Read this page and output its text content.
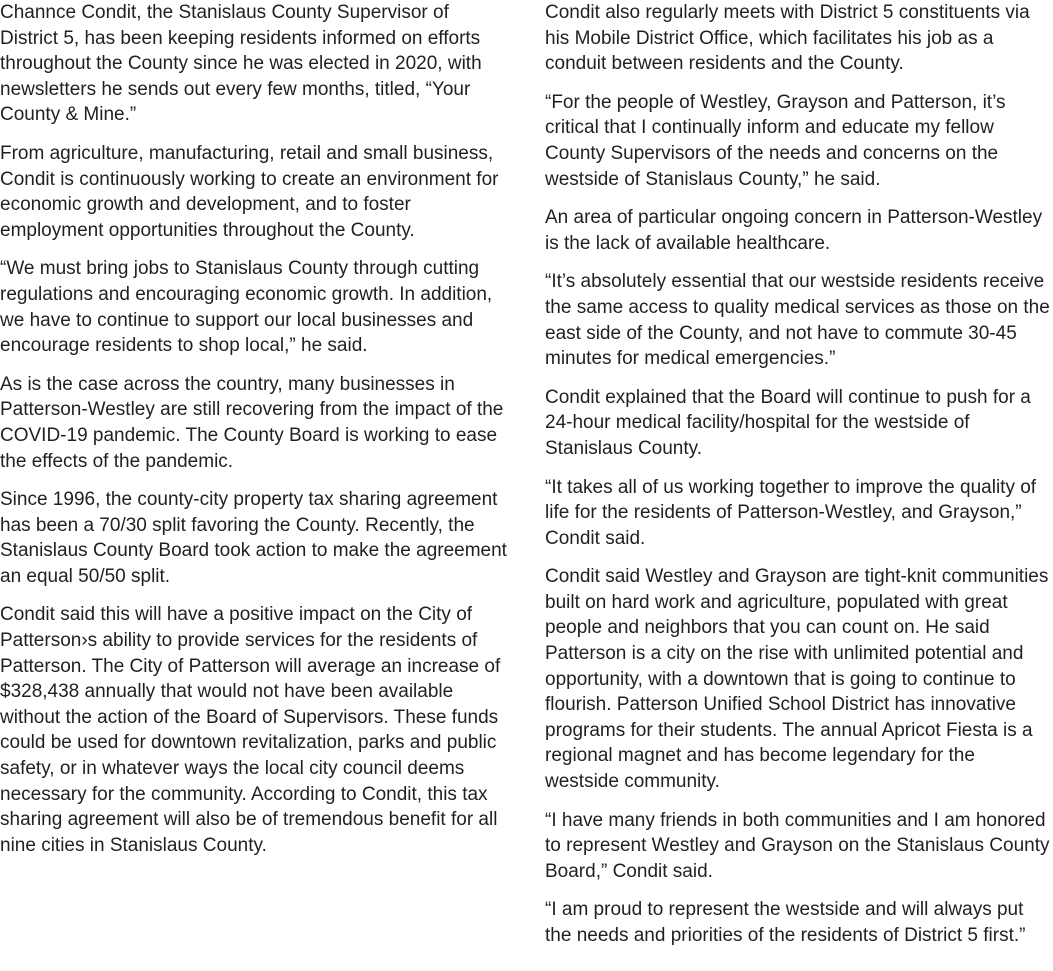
Channce Condit, the Stanislaus County Supervisor of District 5, has been keeping residents informed on efforts throughout the County since he was elected in 2020, with newsletters he sends out every few months, titled, “Your County & Mine.”

From agriculture, manufacturing, retail and small business, Condit is continuously working to create an environment for economic growth and development, and to foster employment opportunities throughout the County.

“We must bring jobs to Stanislaus County through cutting regulations and encouraging economic growth. In addition, we have to continue to support our local businesses and encourage residents to shop local,” he said.

As is the case across the country, many businesses in Patterson-Westley are still recovering from the impact of the COVID-19 pandemic. The County Board is working to ease the effects of the pandemic.

Since 1996, the county-city property tax sharing agreement has been a 70/30 split favoring the County. Recently, the Stanislaus County Board took action to make the agreement an equal 50/50 split.

Condit said this will have a positive impact on the City of Patterson›s ability to provide services for the residents of Patterson. The City of Patterson will average an increase of $328,438 annually that would not have been available without the action of the Board of Supervisors. These funds could be used for downtown revitalization, parks and public safety, or in whatever ways the local city council deems necessary for the community. According to Condit, this tax sharing agreement will also be of tremendous benefit for all nine cities in Stanislaus County.

Condit also regularly meets with District 5 constituents via his Mobile District Office, which facilitates his job as a conduit between residents and the County.

“For the people of Westley, Grayson and Patterson, it’s critical that I continually inform and educate my fellow County Supervisors of the needs and concerns on the westside of Stanislaus County,” he said.

An area of particular ongoing concern in Patterson-Westley is the lack of available healthcare.

“It’s absolutely essential that our westside residents receive the same access to quality medical services as those on the east side of the County, and not have to commute 30-45 minutes for medical emergencies.”

Condit explained that the Board will continue to push for a 24-hour medical facility/hospital for the westside of Stanislaus County.

“It takes all of us working together to improve the quality of life for the residents of Patterson-Westley, and Grayson,” Condit said.

Condit said Westley and Grayson are tight-knit communities built on hard work and agriculture, populated with great people and neighbors that you can count on. He said Patterson is a city on the rise with unlimited potential and opportunity, with a downtown that is going to continue to flourish. Patterson Unified School District has innovative programs for their students. The annual Apricot Fiesta is a regional magnet and has become legendary for the westside community.

“I have many friends in both communities and I am honored to represent Westley and Grayson on the Stanislaus County Board,” Condit said.

“I am proud to represent the westside and will always put the needs and priorities of the residents of District 5 first.”
